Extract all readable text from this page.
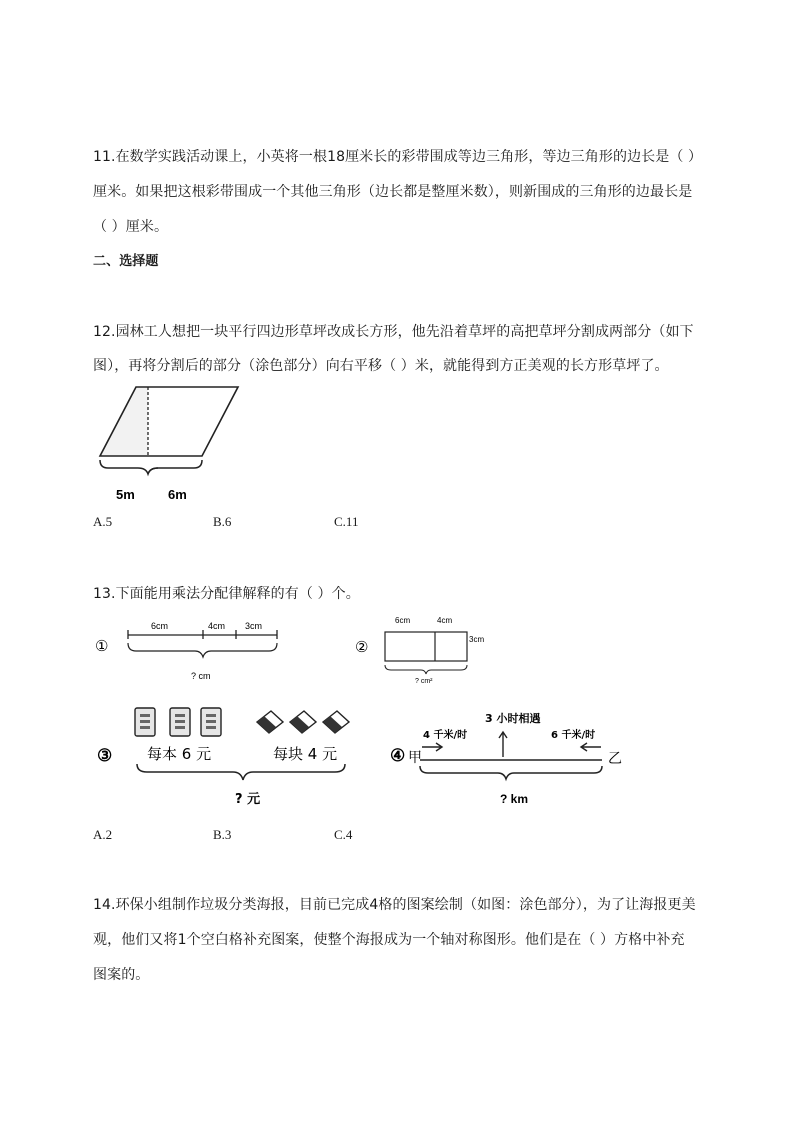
11.在数学实践活动课上，小英将一根18厘米长的彩带围成等边三角形，等边三角形的边长是（ ）
厘米。如果把这根彩带围成一个其他三角形（边长都是整厘米数），则新围成的三角形的边最长是
（ ）厘米。
二、选择题
12.园林工人想把一块平行四边形草坪改成长方形，他先沿着草坪的高把草坪分割成两部分（如下
图），再将分割后的部分（涂色部分）向右平移（ ）米，就能得到方正美观的长方形草坪了。
5m	6m
A.5	B.6	C.11
13.下面能用乘法分配律解释的有（ ）个。
①
6cm	4cm 3cm
? cm
②
6cm	4cm
3cm
? cm²
③ 每本 6 元	每块 4 元
? 元
④ 甲	乙
3 小时相遇
4 千米/时	6 千米/时
? km
A.2	B.3	C.4
14.环保小组制作垃圾分类海报，目前已完成4格的图案绘制（如图：涂色部分），为了让海报更美
观，他们又将1个空白格补充图案，使整个海报成为一个轴对称图形。他们是在（ ）方格中补充
图案的。
